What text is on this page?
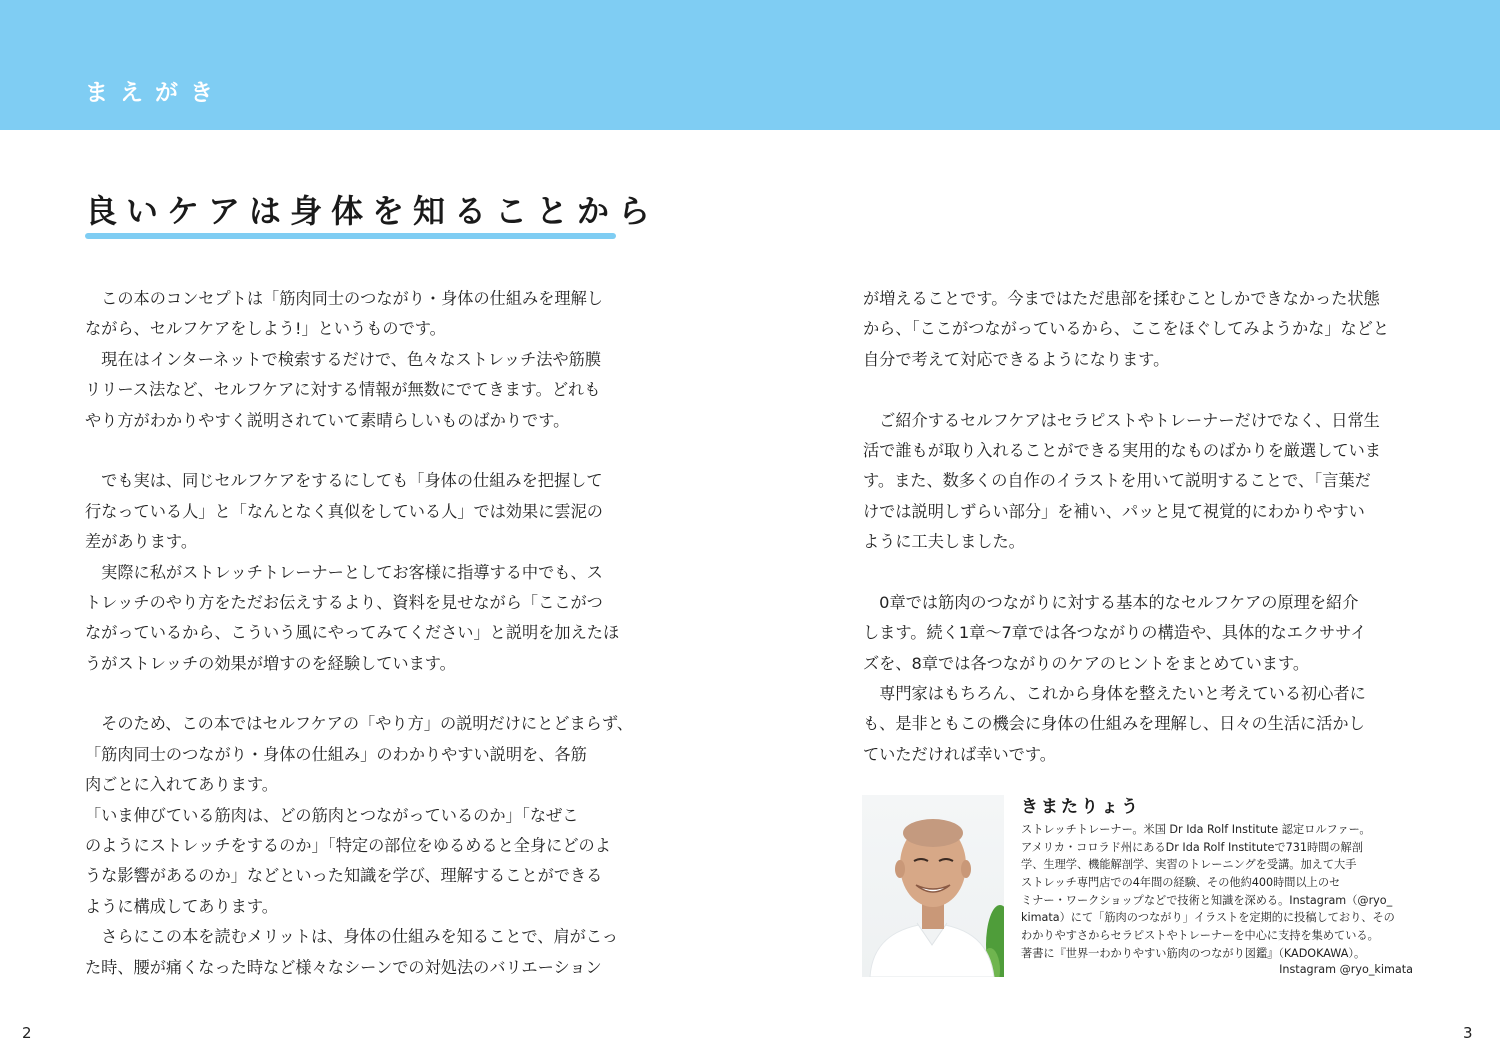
まえがき
良いケアは身体を知ることから
　この本のコンセプトは「筋肉同士のつながり・身体の仕組みを理解し
ながら、セルフケアをしよう!」というものです。
　現在はインターネットで検索するだけで、色々なストレッチ法や筋膜
リリース法など、セルフケアに対する情報が無数にでてきます。どれも
やり方がわかりやすく説明されていて素晴らしいものばかりです。
　でも実は、同じセルフケアをするにしても「身体の仕組みを把握して
行なっている人」と「なんとなく真似をしている人」では効果に雲泥の
差があります。
　実際に私がストレッチトレーナーとしてお客様に指導する中でも、ス
トレッチのやり方をただお伝えするより、資料を見せながら「ここがつ
ながっているから、こういう風にやってみてください」と説明を加えたほ
うがストレッチの効果が増すのを経験しています。
　そのため、この本ではセルフケアの「やり方」の説明だけにとどまらず、
「筋肉同士のつながり・身体の仕組み」のわかりやすい説明を、各筋
肉ごとに入れてあります。
「いま伸びている筋肉は、どの筋肉とつながっているのか」「なぜこ
のようにストレッチをするのか」「特定の部位をゆるめると全身にどのよ
うな影響があるのか」などといった知識を学び、理解することができる
ように構成してあります。
　さらにこの本を読むメリットは、身体の仕組みを知ることで、肩がこっ
た時、腰が痛くなった時など様々なシーンでの対処法のバリエーション
が増えることです。今まではただ患部を揉むことしかできなかった状態
から、「ここがつながっているから、ここをほぐしてみようかな」などと
自分で考えて対応できるようになります。
　ご紹介するセルフケアはセラピストやトレーナーだけでなく、日常生
活で誰もが取り入れることができる実用的なものばかりを厳選していま
す。また、数多くの自作のイラストを用いて説明することで、「言葉だ
けでは説明しずらい部分」を補い、パッと見て視覚的にわかりやすい
ように工夫しました。
　0章では筋肉のつながりに対する基本的なセルフケアの原理を紹介
します。続く1章〜7章では各つながりの構造や、具体的なエクササイ
ズを、8章では各つながりのケアのヒントをまとめています。
　専門家はもちろん、これから身体を整えたいと考えている初心者に
も、是非ともこの機会に身体の仕組みを理解し、日々の生活に活かし
ていただければ幸いです。
きまたりょう
ストレッチトレーナー。米国 Dr Ida Rolf Institute 認定ロルファー。
アメリカ・コロラド州にあるDr Ida Rolf Instituteで731時間の解剖
学、生理学、機能解剖学、実習のトレーニングを受講。加えて大手
ストレッチ専門店での4年間の経験、その他約400時間以上のセ
ミナー・ワークショップなどで技術と知識を深める。Instagram（@ryo_
kimata）にて「筋肉のつながり」イラストを定期的に投稿しており、その
わかりやすさからセラピストやトレーナーを中心に支持を集めている。
著書に『世界一わかりやすい筋肉のつながり図鑑』（KADOKAWA）。
Instagram @ryo_kimata
2	3
